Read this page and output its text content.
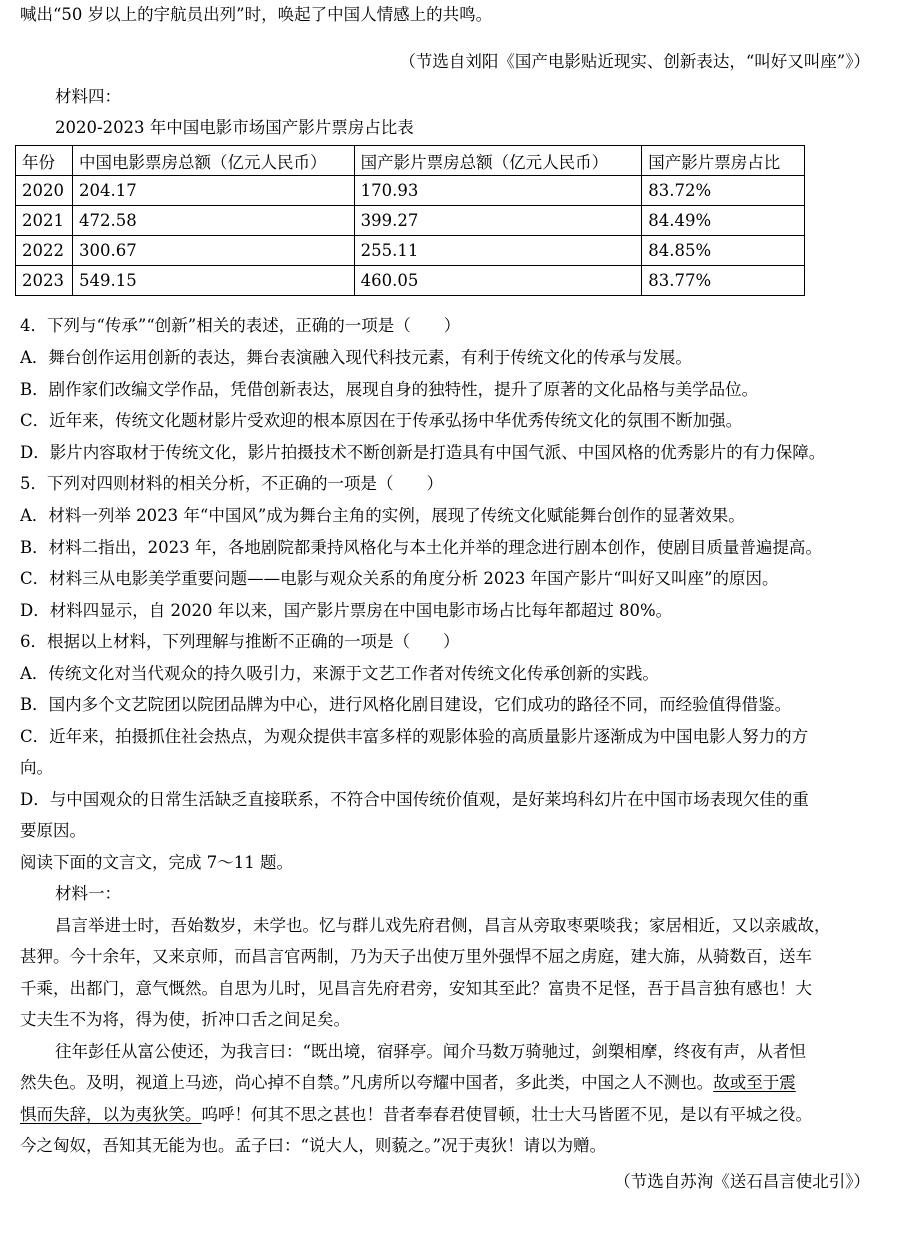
喊出“50 岁以上的宇航员出列”时，唤起了中国人情感上的共鸣。
（节选自刘阳《国产电影贴近现实、创新表达，“叫好又叫座”》）
材料四：
2020-2023 年中国电影市场国产影片票房占比表
年份	中国电影票房总额（亿元人民币）	国产影片票房总额（亿元人民币）	国产影片票房占比
2020	204.17	170.93	83.72%
2021	472.58	399.27	84.49%
2022	300.67	255.11	84.85%
2023	549.15	460.05	83.77%
4．下列与“传承”“创新”相关的表述，正确的一项是（　　）
A．舞台创作运用创新的表达，舞台表演融入现代科技元素，有利于传统文化的传承与发展。
B．剧作家们改编文学作品，凭借创新表达，展现自身的独特性，提升了原著的文化品格与美学品位。
C．近年来，传统文化题材影片受欢迎的根本原因在于传承弘扬中华优秀传统文化的氛围不断加强。
D．影片内容取材于传统文化，影片拍摄技术不断创新是打造具有中国气派、中国风格的优秀影片的有力保障。
5．下列对四则材料的相关分析，不正确的一项是（　　）
A．材料一列举 2023 年“中国风”成为舞台主角的实例，展现了传统文化赋能舞台创作的显著效果。
B．材料二指出，2023 年，各地剧院都秉持风格化与本土化并举的理念进行剧本创作，使剧目质量普遍提高。
C．材料三从电影美学重要问题——电影与观众关系的角度分析 2023 年国产影片“叫好又叫座”的原因。
D．材料四显示，自 2020 年以来，国产影片票房在中国电影市场占比每年都超过 80%。
6．根据以上材料，下列理解与推断不正确的一项是（　　）
A．传统文化对当代观众的持久吸引力，来源于文艺工作者对传统文化传承创新的实践。
B．国内多个文艺院团以院团品牌为中心，进行风格化剧目建设，它们成功的路径不同，而经验值得借鉴。
C．近年来，拍摄抓住社会热点，为观众提供丰富多样的观影体验的高质量影片逐渐成为中国电影人努力的方
向。
D．与中国观众的日常生活缺乏直接联系，不符合中国传统价值观，是好莱坞科幻片在中国市场表现欠佳的重
要原因。
阅读下面的文言文，完成 7～11 题。
材料一：
昌言举进士时，吾始数岁，未学也。忆与群儿戏先府君侧，昌言从旁取枣栗啖我；家居相近，又以亲戚故，
甚狎。今十余年，又来京师，而昌言官两制，乃为天子出使万里外强悍不屈之虏庭，建大旆，从骑数百，送车
千乘，出都门，意气慨然。自思为儿时，见昌言先府君旁，安知其至此？富贵不足怪，吾于昌言独有感也！大
丈夫生不为将，得为使，折冲口舌之间足矣。
往年彭任从富公使还，为我言曰：“既出境，宿驿亭。闻介马数万骑驰过，剑槊相摩，终夜有声，从者怛
然失色。及明，视道上马迹，尚心掉不自禁。”凡虏所以夸耀中国者，多此类，中国之人不测也。故或至于震
惧而失辞，以为夷狄笑。呜呼！何其不思之甚也！昔者奉春君使冒顿，壮士大马皆匿不见，是以有平城之役。
今之匈奴，吾知其无能为也。孟子曰：“说大人，则藐之。”况于夷狄！请以为赠。
（节选自苏洵《送石昌言使北引》）
